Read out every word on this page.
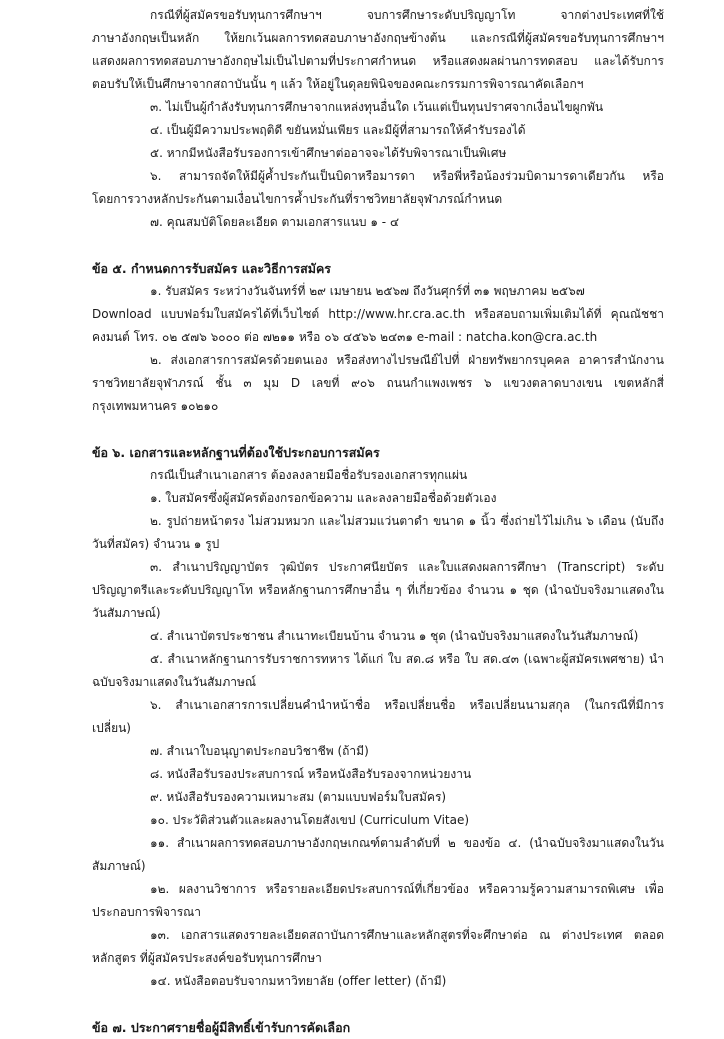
กรณีที่ผู้สมัครขอรับทุนการศึกษาฯ จบการศึกษาระดับปริญญาโท จากต่างประเทศที่ใช้
ภาษาอังกฤษเป็นหลัก ให้ยกเว้นผลการทดสอบภาษาอังกฤษข้างต้น และกรณีที่ผู้สมัครขอรับทุนการศึกษาฯ
แสดงผลการทดสอบภาษาอังกฤษไม่เป็นไปตามที่ประกาศกำหนด หรือแสดงผลผ่านการทดสอบ และได้รับการ
ตอบรับให้เป็นศึกษาจากสถาบันนั้น ๆ แล้ว ให้อยู่ในดุลยพินิจของคณะกรรมการพิจารณาคัดเลือกฯ
๓. ไม่เป็นผู้กำลังรับทุนการศึกษาจากแหล่งทุนอื่นใด เว้นแต่เป็นทุนปราศจากเงื่อนไขผูกพัน
๔. เป็นผู้มีความประพฤติดี ขยันหมั่นเพียร และมีผู้ที่สามารถให้คำรับรองได้
๕. หากมีหนังสือรับรองการเข้าศึกษาต่ออาจจะได้รับพิจารณาเป็นพิเศษ
๖. สามารถจัดให้มีผู้ค้ำประกันเป็นบิดาหรือมารดา หรือพี่หรือน้องร่วมบิดามารดาเดียวกัน หรือ
โดยการวางหลักประกันตามเงื่อนไขการค้ำประกันที่ราชวิทยาลัยจุฬาภรณ์กำหนด
๗. คุณสมบัติโดยละเอียด ตามเอกสารแนบ ๑ - ๔
ข้อ ๕. กำหนดการรับสมัคร และวิธีการสมัคร
๑. รับสมัคร ระหว่างวันจันทร์ที่ ๒๙ เมษายน ๒๕๖๗ ถึงวันศุกร์ที่ ๓๑ พฤษภาคม ๒๕๖๗
Download แบบฟอร์มใบสมัครได้ที่เว็บไซต์ http://www.hr.cra.ac.th หรือสอบถามเพิ่มเติมได้ที่ คุณณัชชา
คงมนต์ โทร. ๐๒ ๕๗๖ ๖๐๐๐ ต่อ ๗๒๑๑ หรือ ๐๖ ๔๕๖๖ ๒๔๓๑ e-mail : natcha.kon@cra.ac.th
๒. ส่งเอกสารการสมัครด้วยตนเอง หรือส่งทางไปรษณีย์ไปที่ ฝ่ายทรัพยากรบุคคล อาคารสำนักงาน
ราชวิทยาลัยจุฬาภรณ์ ชั้น ๓ มุม D เลขที่ ๙๐๖ ถนนกำแพงเพชร ๖ แขวงตลาดบางเขน เขตหลักสี่
กรุงเทพมหานคร ๑๐๒๑๐
ข้อ ๖. เอกสารและหลักฐานที่ต้องใช้ประกอบการสมัคร
กรณีเป็นสำเนาเอกสาร ต้องลงลายมือชื่อรับรองเอกสารทุกแผ่น
๑. ใบสมัครซึ่งผู้สมัครต้องกรอกข้อความ และลงลายมือชื่อด้วยตัวเอง
๒. รูปถ่ายหน้าตรง ไม่สวมหมวก และไม่สวมแว่นตาดำ ขนาด ๑ นิ้ว ซึ่งถ่ายไว้ไม่เกิน ๖ เดือน (นับถึง
วันที่สมัคร) จำนวน ๑ รูป
๓. สำเนาปริญญาบัตร วุฒิบัตร ประกาศนียบัตร และใบแสดงผลการศึกษา (Transcript) ระดับ
ปริญญาตรีและระดับปริญญาโท หรือหลักฐานการศึกษาอื่น ๆ ที่เกี่ยวข้อง จำนวน ๑ ชุด (นำฉบับจริงมาแสดงใน
วันสัมภาษณ์)
๔. สำเนาบัตรประชาชน สำเนาทะเบียนบ้าน จำนวน ๑ ชุด (นำฉบับจริงมาแสดงในวันสัมภาษณ์)
๕. สำเนาหลักฐานการรับราชการทหาร ได้แก่ ใบ สด.๘ หรือ ใบ สด.๔๓ (เฉพาะผู้สมัครเพศชาย) นำ
ฉบับจริงมาแสดงในวันสัมภาษณ์
๖. สำเนาเอกสารการเปลี่ยนคำนำหน้าชื่อ หรือเปลี่ยนชื่อ หรือเปลี่ยนนามสกุล (ในกรณีที่มีการ
เปลี่ยน)
๗. สำเนาใบอนุญาตประกอบวิชาชีพ (ถ้ามี)
๘. หนังสือรับรองประสบการณ์ หรือหนังสือรับรองจากหน่วยงาน
๙. หนังสือรับรองความเหมาะสม (ตามแบบฟอร์มใบสมัคร)
๑๐. ประวัติส่วนตัวและผลงานโดยสังเขป (Curriculum Vitae)
๑๑. สำเนาผลการทดสอบภาษาอังกฤษเกณฑ์ตามลำดับที่ ๒ ของข้อ ๔. (นำฉบับจริงมาแสดงในวัน
สัมภาษณ์)
๑๒. ผลงานวิชาการ หรือรายละเอียดประสบการณ์ที่เกี่ยวข้อง หรือความรู้ความสามารถพิเศษ เพื่อ
ประกอบการพิจารณา
๑๓. เอกสารแสดงรายละเอียดสถาบันการศึกษาและหลักสูตรที่จะศึกษาต่อ ณ ต่างประเทศ ตลอด
หลักสูตร ที่ผู้สมัครประสงค์ขอรับทุนการศึกษา
๑๔. หนังสือตอบรับจากมหาวิทยาลัย (offer letter) (ถ้ามี)
ข้อ ๗. ประกาศรายชื่อผู้มีสิทธิ์เข้ารับการคัดเลือก
